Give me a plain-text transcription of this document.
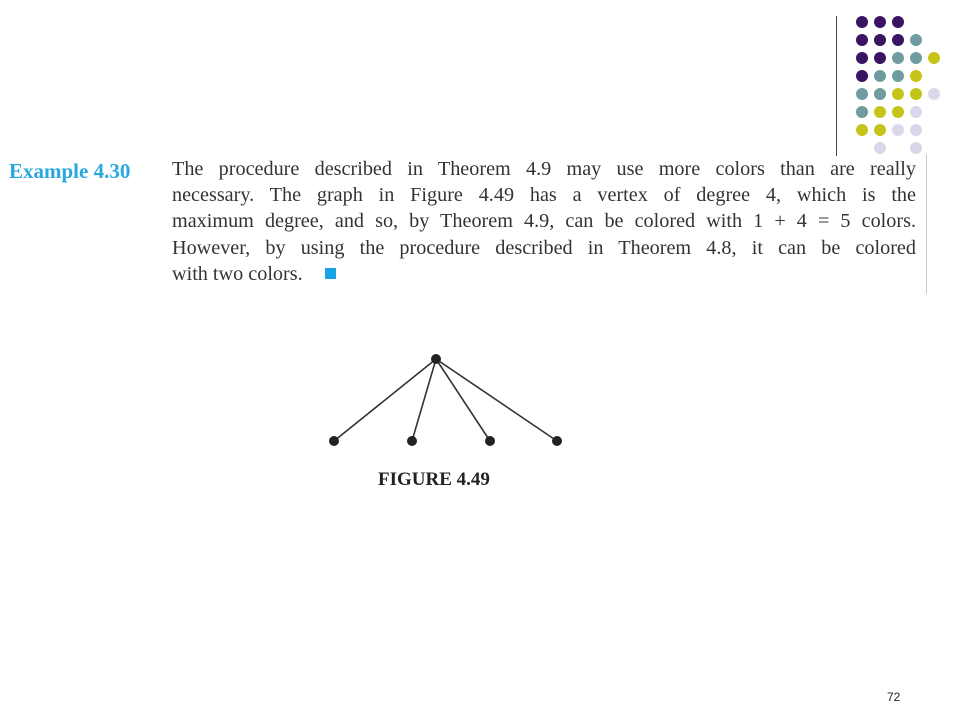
Example 4.30 The procedure described in Theorem 4.9 may use more colors than are really
necessary. The graph in Figure 4.49 has a vertex of degree 4, which is the
maximum degree, and so, by Theorem 4.9, can be colored with 1 + 4 = 5 colors.
However, by using the procedure described in Theorem 4.8, it can be colored
with two colors.
FIGURE 4.49
72
